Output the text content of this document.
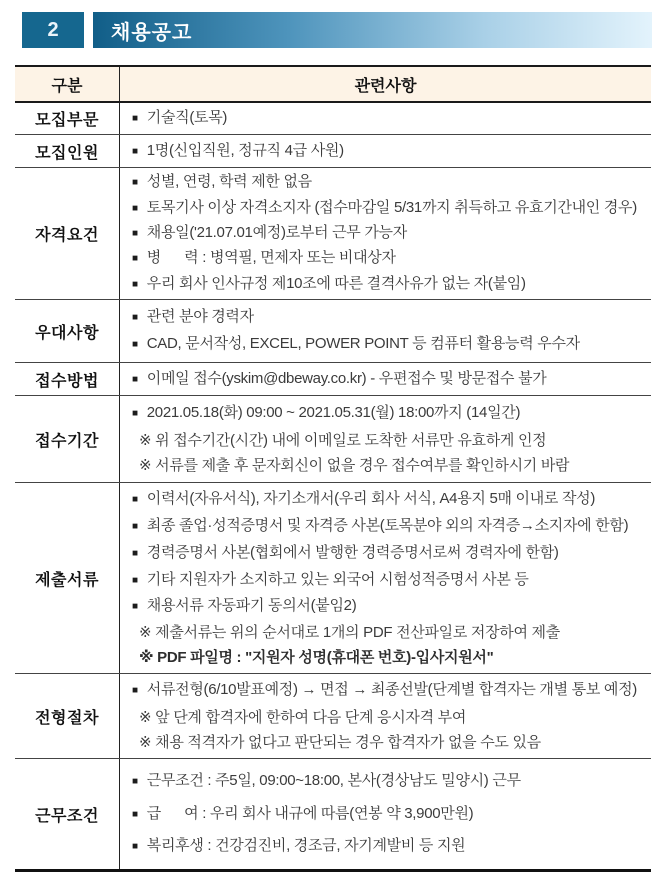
2	채용공고
구분	관련사항
모집부문	■ 기술직(토목)
모집인원	■ 1명(신입직원, 정규직 4급 사원)
자격요건
■ 성별, 연령, 학력 제한 없음
■ 토목기사 이상 자격소지자 (접수마감일 5/31까지 취득하고 유효기간내인 경우)
■ 채용일('21.07.01예정)로부터 근무 가능자
■ 병      력 : 병역필, 면제자 또는 비대상자
■ 우리 회사 인사규정 제10조에 따른 결격사유가 없는 자(붙임)
우대사항
■ 관련 분야 경력자
■ CAD, 문서작성, EXCEL, POWER POINT 등 컴퓨터 활용능력 우수자
접수방법	■ 이메일 접수(yskim@dbeway.co.kr) - 우편접수 및 방문접수 불가
접수기간
■ 2021.05.18(화) 09:00 ~ 2021.05.31(월) 18:00까지 (14일간)
※ 위 접수기간(시간) 내에 이메일로 도착한 서류만 유효하게 인정
※ 서류를 제출 후 문자회신이 없을 경우 접수여부를 확인하시기 바람
제출서류
■ 이력서(자유서식), 자기소개서(우리 회사 서식, A4용지 5매 이내로 작성)
■ 최종 졸업·성적증명서 및 자격증 사본(토목분야 외의 자격증→소지자에 한함)
■ 경력증명서 사본(협회에서 발행한 경력증명서로써 경력자에 한함)
■ 기타 지원자가 소지하고 있는 외국어 시험성적증명서 사본 등
■ 채용서류 자동파기 동의서(붙임2)
※ 제출서류는 위의 순서대로 1개의 PDF 전산파일로 저장하여 제출
※ PDF 파일명 : "지원자 성명(휴대폰 번호)-입사지원서"
전형절차
■ 서류전형(6/10발표예정) → 면접 → 최종선발(단계별 합격자는 개별 통보 예정)
※ 앞 단계 합격자에 한하여 다음 단계 응시자격 부여
※ 채용 적격자가 없다고 판단되는 경우 합격자가 없을 수도 있음
근무조건
■ 근무조건 : 주5일, 09:00~18:00, 본사(경상남도 밀양시) 근무
■ 급      여 : 우리 회사 내규에 따름(연봉 약 3,900만원)
■ 복리후생 : 건강검진비, 경조금, 자기계발비 등 지원
